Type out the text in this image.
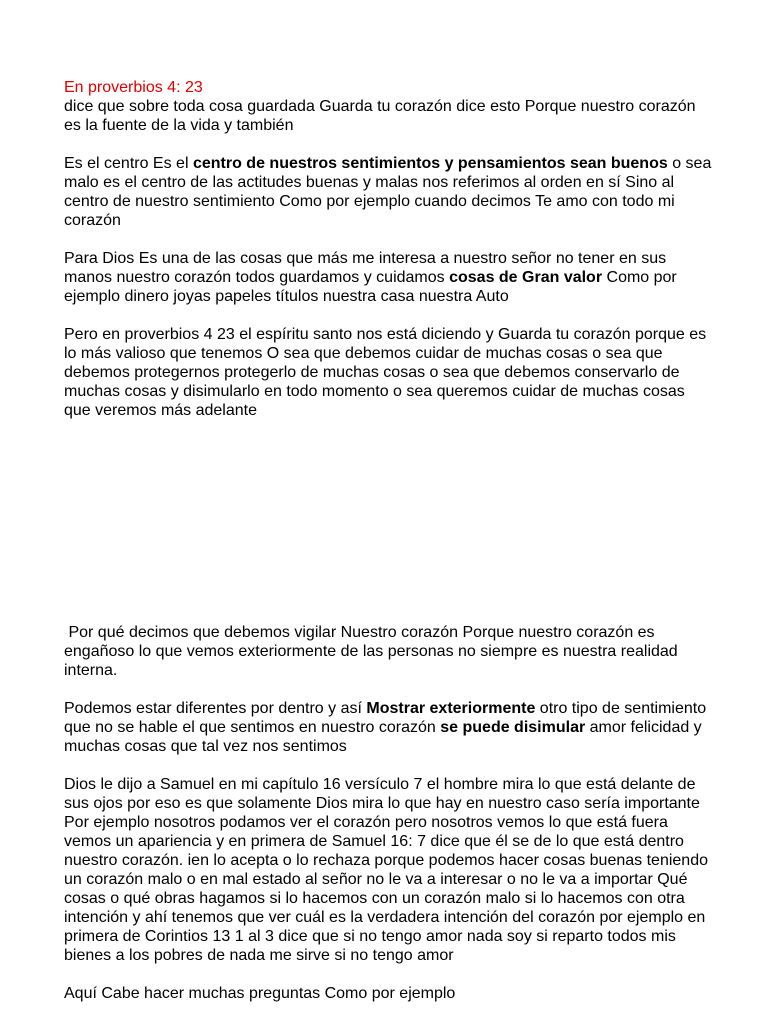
En proverbios 4: 23
dice que sobre toda cosa guardada Guarda tu corazón dice esto Porque nuestro corazón es la fuente de la vida y también

Es el centro Es el centro de nuestros sentimientos y pensamientos sean buenos o sea malo es el centro de las actitudes buenas y malas nos referimos al orden en sí Sino al centro de nuestro sentimiento Como por ejemplo cuando decimos Te amo con todo mi corazón

Para Dios Es una de las cosas que más me interesa a nuestro señor no tener en sus manos nuestro corazón todos guardamos y cuidamos cosas de Gran valor Como por ejemplo dinero joyas papeles títulos nuestra casa nuestra Auto

Pero en proverbios 4 23 el espíritu santo nos está diciendo y Guarda tu corazón porque es lo más valioso que tenemos O sea que debemos cuidar de muchas cosas o sea que debemos protegernos protegerlo de muchas cosas o sea que debemos conservarlo de muchas cosas y disimularlo en todo momento o sea queremos cuidar de muchas cosas que veremos más adelante

Por qué decimos que debemos vigilar Nuestro corazón Porque nuestro corazón es engañoso lo que vemos exteriormente de las personas no siempre es nuestra realidad interna.

Podemos estar diferentes por dentro y así Mostrar exteriormente otro tipo de sentimiento que no se hable el que sentimos en nuestro corazón se puede disimular amor felicidad y muchas cosas que tal vez nos sentimos

Dios le dijo a Samuel en mi capítulo 16 versículo 7 el hombre mira lo que está delante de sus ojos por eso es que solamente Dios mira lo que hay en nuestro caso sería importante Por ejemplo nosotros podamos ver el corazón pero nosotros vemos lo que está fuera vemos un apariencia y en primera de Samuel 16: 7 dice que él se de lo que está dentro nuestro corazón. ien lo acepta o lo rechaza porque podemos hacer cosas buenas teniendo un corazón malo o en mal estado al señor no le va a interesar o no le va a importar Qué cosas o qué obras hagamos si lo hacemos con un corazón malo si lo hacemos con otra intención y ahí tenemos que ver cuál es la verdadera intención del corazón por ejemplo en primera de Corintios 13 1 al 3 dice que si no tengo amor nada soy si reparto todos mis bienes a los pobres de nada me sirve si no tengo amor

Aquí Cabe hacer muchas preguntas Como por ejemplo
